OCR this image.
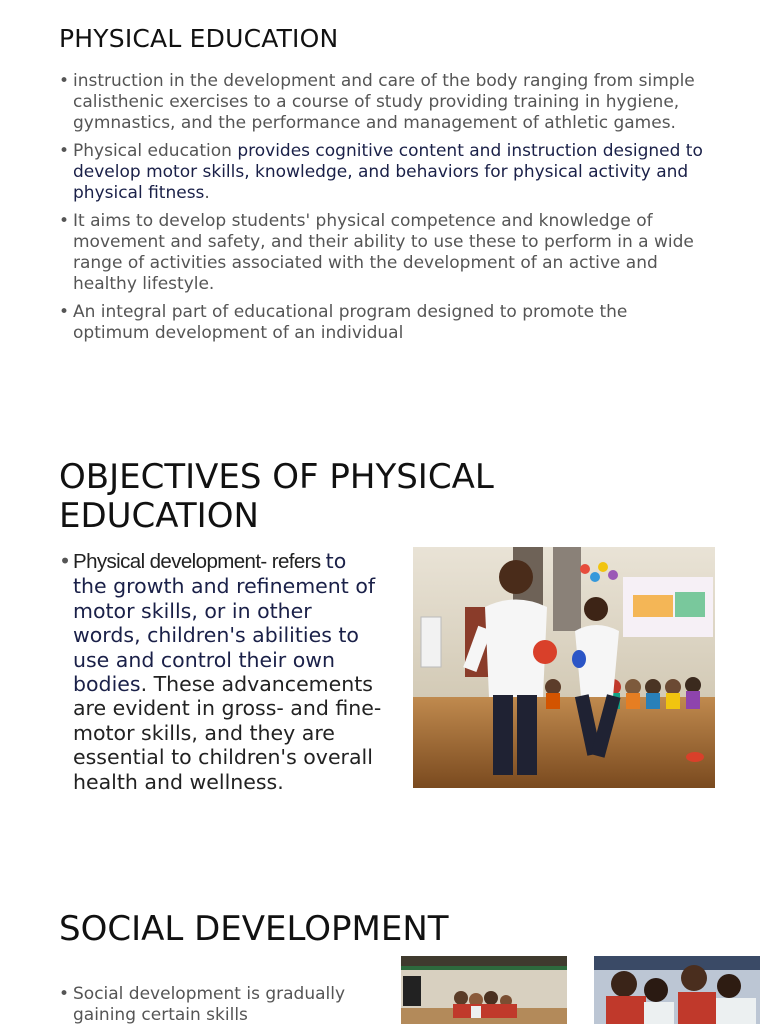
PHYSICAL EDUCATION
• instruction in the development and care of the body ranging from simple calisthenic exercises to a course of study providing training in hygiene, gymnastics, and the performance and management of athletic games.
• Physical education provides cognitive content and instruction designed to develop motor skills, knowledge, and behaviors for physical activity and physical fitness.
• It aims to develop students' physical competence and knowledge of movement and safety, and their ability to use these to perform in a wide range of activities associated with the development of an active and healthy lifestyle.
• An integral part of educational program designed to promote the optimum development of an individual
OBJECTIVES OF PHYSICAL EDUCATION
• Physical development- refers to the growth and refinement of motor skills, or in other words, children's abilities to use and control their own bodies. These advancements are evident in gross- and fine-motor skills, and they are essential to children's overall health and wellness.
SOCIAL DEVELOPMENT
• Social development is gradually gaining certain skills
